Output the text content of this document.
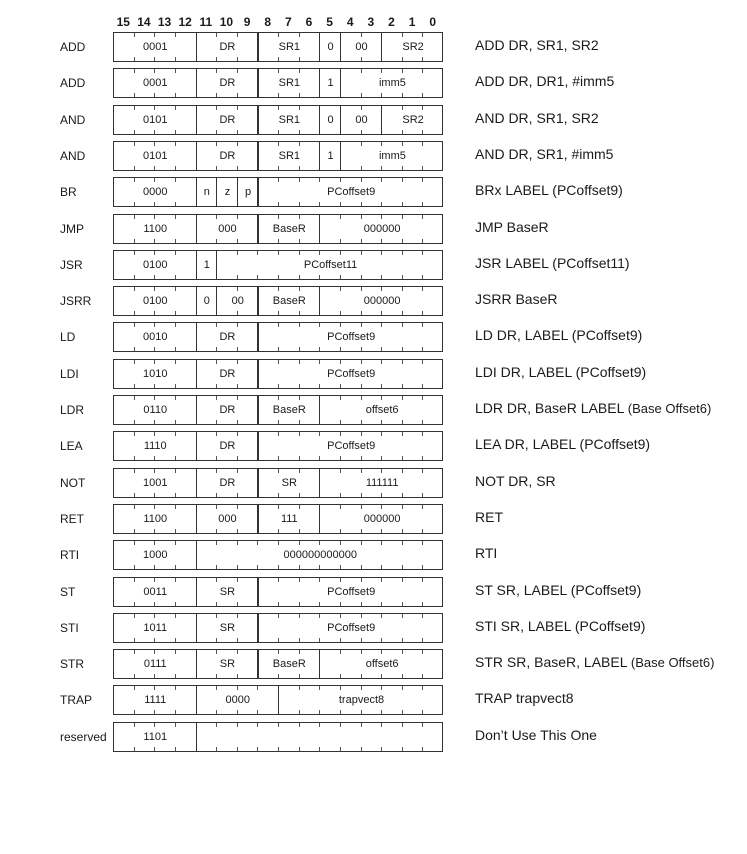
15 14 13 12 11 10 9	8	7	6	5	4	3	2	1	0
ADD	0001	DR	SR1	0	00	SR2	ADD DR, SR1, SR2
ADD	0001	DR	SR1	1	imm5	ADD DR, DR1, #imm5
AND	0101	DR	SR1	0	00	SR2	AND DR, SR1, SR2
AND	0101	DR	SR1	1	imm5	AND DR, SR1, #imm5
BR	0000	n	z	p	PCoffset9	BRx LABEL (PCoffset9)
JMP	1100	000	BaseR	000000	JMP BaseR
JSR	0100	1	PCoffset11	JSR LABEL (PCoffset11)
JSRR	0100	0	00	BaseR	000000	JSRR BaseR
LD	0010	DR	PCoffset9	LD DR, LABEL (PCoffset9)
LDI	1010	DR	PCoffset9	LDI DR, LABEL (PCoffset9)
LDR	0110	DR	BaseR	offset6	LDR DR, BaseR LABEL (Base Offset6)
LEA	1110	DR	PCoffset9	LEA DR, LABEL (PCoffset9)
NOT	1001	DR	SR	111111	NOT DR, SR
RET	1100	000	111	000000	RET
RTI	1000	000000000000	RTI
ST	0011	SR	PCoffset9	ST SR, LABEL (PCoffset9)
STI	1011	SR	PCoffset9	STI SR, LABEL (PCoffset9)
STR	0111	SR	BaseR	offset6	STR SR, BaseR, LABEL (Base Offset6)
TRAP	1111	0000	trapvect8	TRAP trapvect8
reserved	1101	Don’t Use This One
